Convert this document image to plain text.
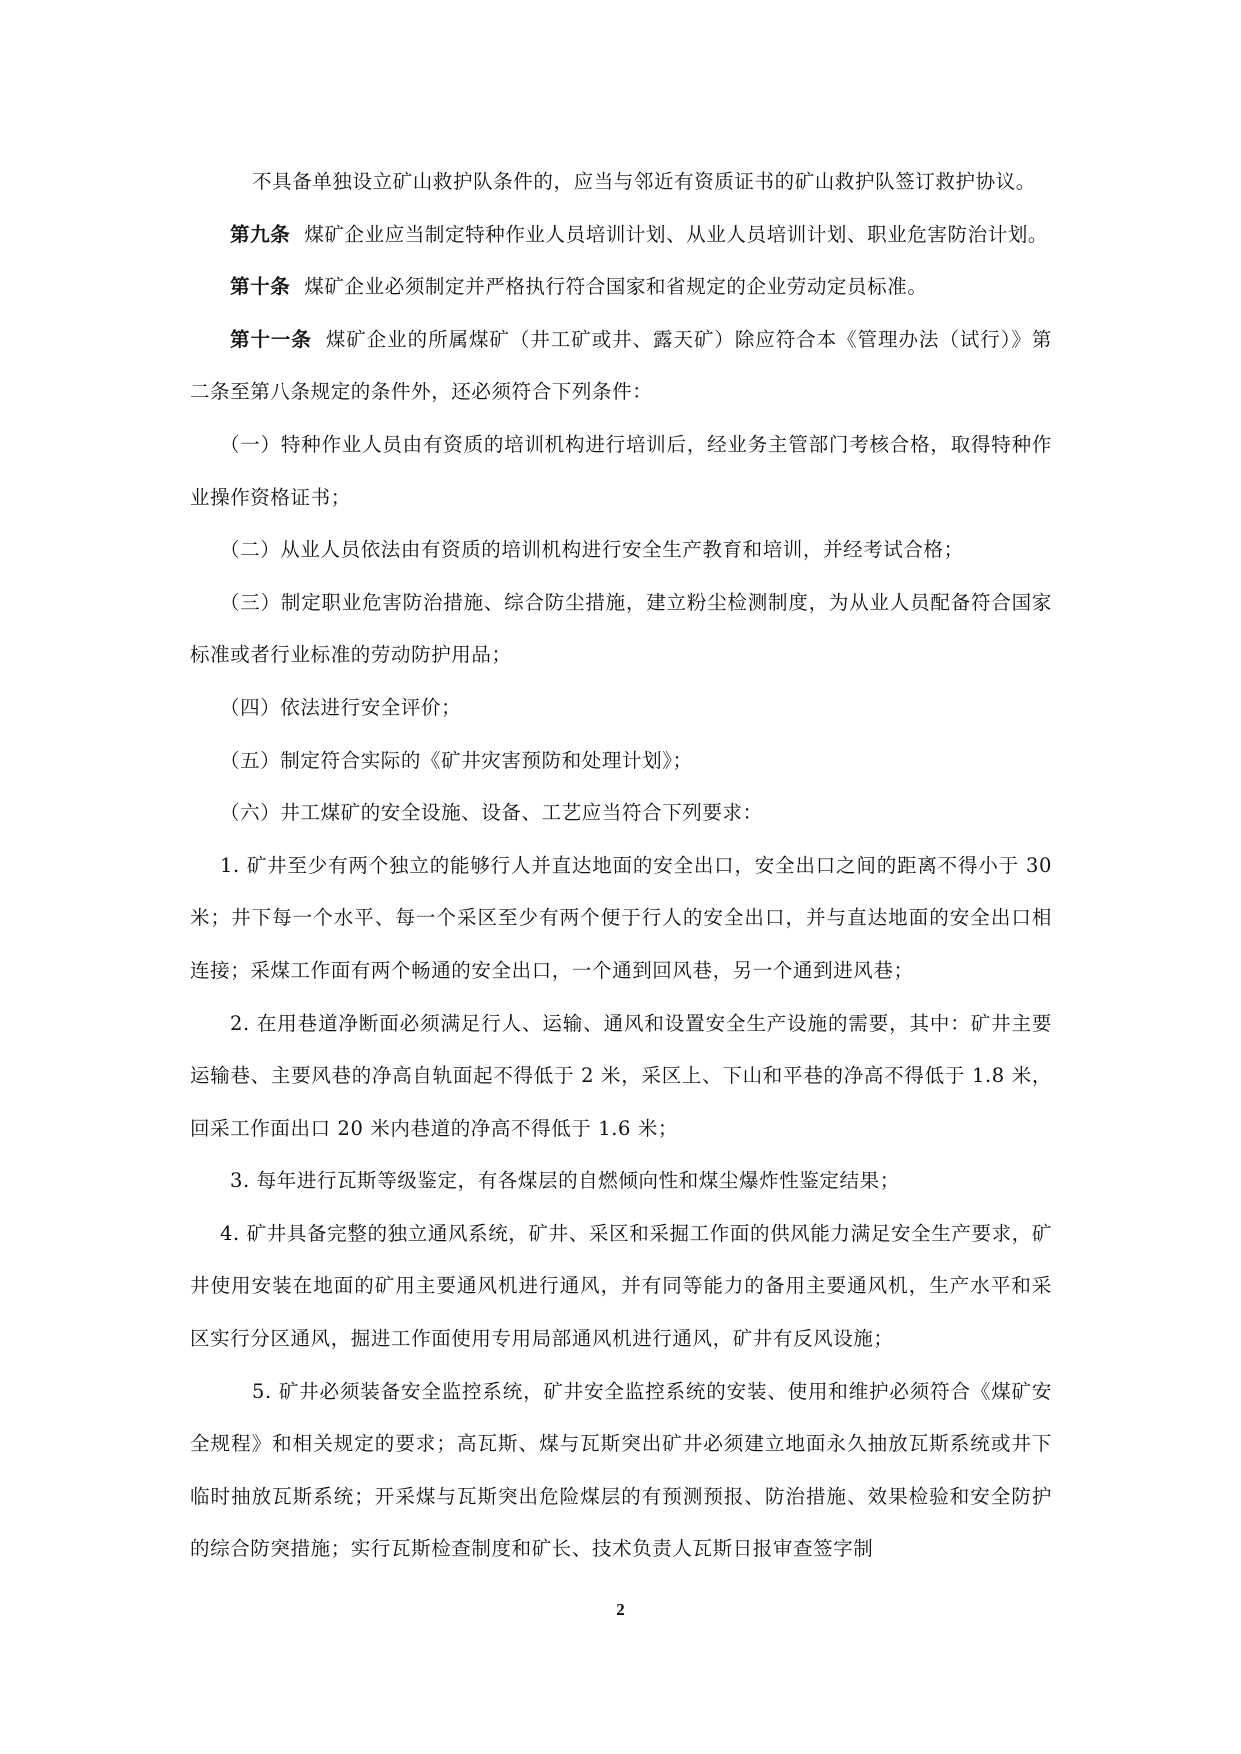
不具备单独设立矿山救护队条件的，应当与邻近有资质证书的矿山救护队签订救护协议。

第九条 煤矿企业应当制定特种作业人员培训计划、从业人员培训计划、职业危害防治计划。

第十条 煤矿企业必须制定并严格执行符合国家和省规定的企业劳动定员标准。

第十一条 煤矿企业的所属煤矿（井工矿或井、露天矿）除应符合本《管理办法（试行）》第二条至第八条规定的条件外，还必须符合下列条件：

（一）特种作业人员由有资质的培训机构进行培训后，经业务主管部门考核合格，取得特种作业操作资格证书；

（二）从业人员依法由有资质的培训机构进行安全生产教育和培训，并经考试合格；

（三）制定职业危害防治措施、综合防尘措施，建立粉尘检测制度，为从业人员配备符合国家标准或者行业标准的劳动防护用品；

（四）依法进行安全评价；

（五）制定符合实际的《矿井灾害预防和处理计划》；

（六）井工煤矿的安全设施、设备、工艺应当符合下列要求：

1. 矿井至少有两个独立的能够行人并直达地面的安全出口，安全出口之间的距离不得小于 30 米；井下每一个水平、每一个采区至少有两个便于行人的安全出口，并与直达地面的安全出口相连接；采煤工作面有两个畅通的安全出口，一个通到回风巷，另一个通到进风巷；

2. 在用巷道净断面必须满足行人、运输、通风和设置安全生产设施的需要，其中：矿井主要运输巷、主要风巷的净高自轨面起不得低于 2 米，采区上、下山和平巷的净高不得低于 1.8 米，回采工作面出口 20 米内巷道的净高不得低于 1.6 米；

3. 每年进行瓦斯等级鉴定，有各煤层的自燃倾向性和煤尘爆炸性鉴定结果；

4. 矿井具备完整的独立通风系统，矿井、采区和采掘工作面的供风能力满足安全生产要求，矿井使用安装在地面的矿用主要通风机进行通风，并有同等能力的备用主要通风机，生产水平和采区实行分区通风，掘进工作面使用专用局部通风机进行通风，矿井有反风设施；

5. 矿井必须装备安全监控系统，矿井安全监控系统的安装、使用和维护必须符合《煤矿安全规程》和相关规定的要求；高瓦斯、煤与瓦斯突出矿井必须建立地面永久抽放瓦斯系统或井下临时抽放瓦斯系统；开采煤与瓦斯突出危险煤层的有预测预报、防治措施、效果检验和安全防护的综合防突措施；实行瓦斯检查制度和矿长、技术负责人瓦斯日报审查签字制

2
